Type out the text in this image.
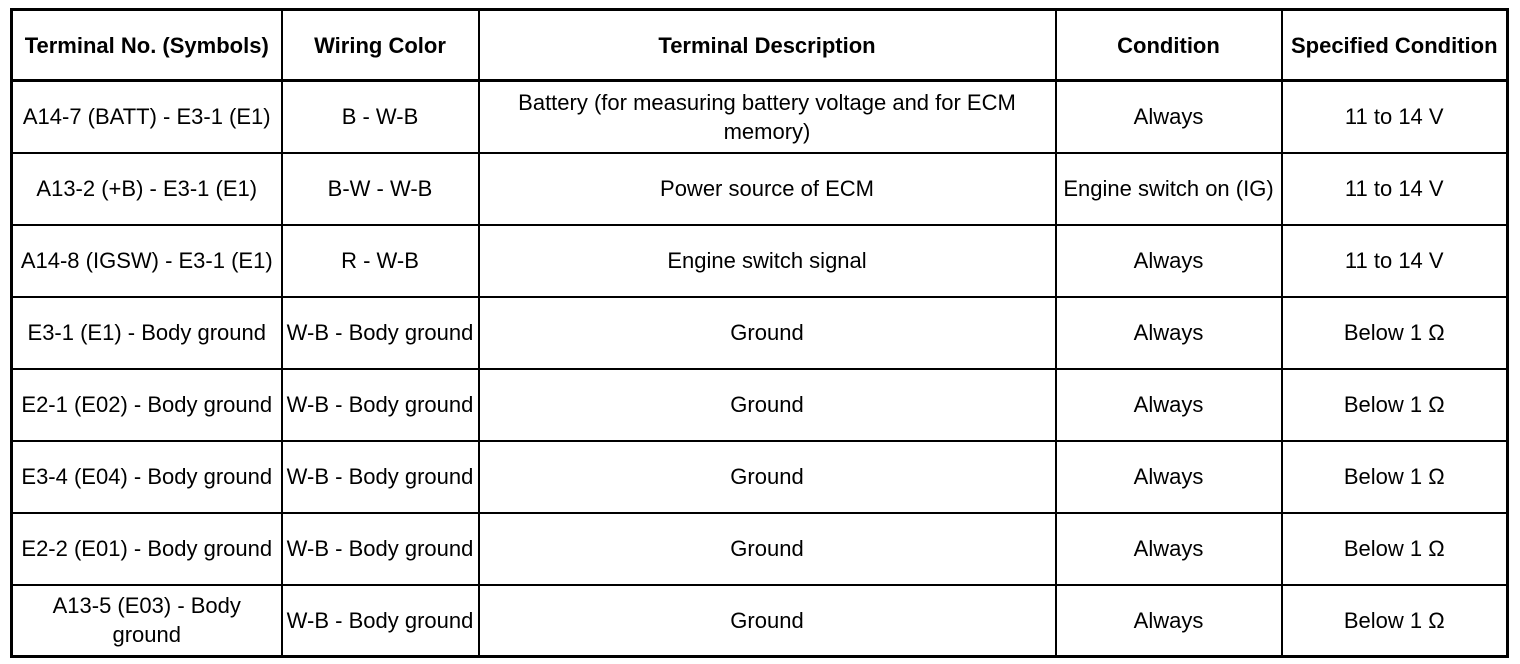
Terminal No. (Symbols)	Wiring Color	Terminal Description	Condition	Specified Condition
A14-7 (BATT) - E3-1 (E1)	B - W-B	Battery (for measuring battery voltage and for ECM memory)	Always	11 to 14 V
A13-2 (+B) - E3-1 (E1)	B-W - W-B	Power source of ECM	Engine switch on (IG)	11 to 14 V
A14-8 (IGSW) - E3-1 (E1)	R - W-B	Engine switch signal	Always	11 to 14 V
E3-1 (E1) - Body ground	W-B - Body ground	Ground	Always	Below 1 Ω
E2-1 (E02) - Body ground	W-B - Body ground	Ground	Always	Below 1 Ω
E3-4 (E04) - Body ground	W-B - Body ground	Ground	Always	Below 1 Ω
E2-2 (E01) - Body ground	W-B - Body ground	Ground	Always	Below 1 Ω
A13-5 (E03) - Body ground	W-B - Body ground	Ground	Always	Below 1 Ω
